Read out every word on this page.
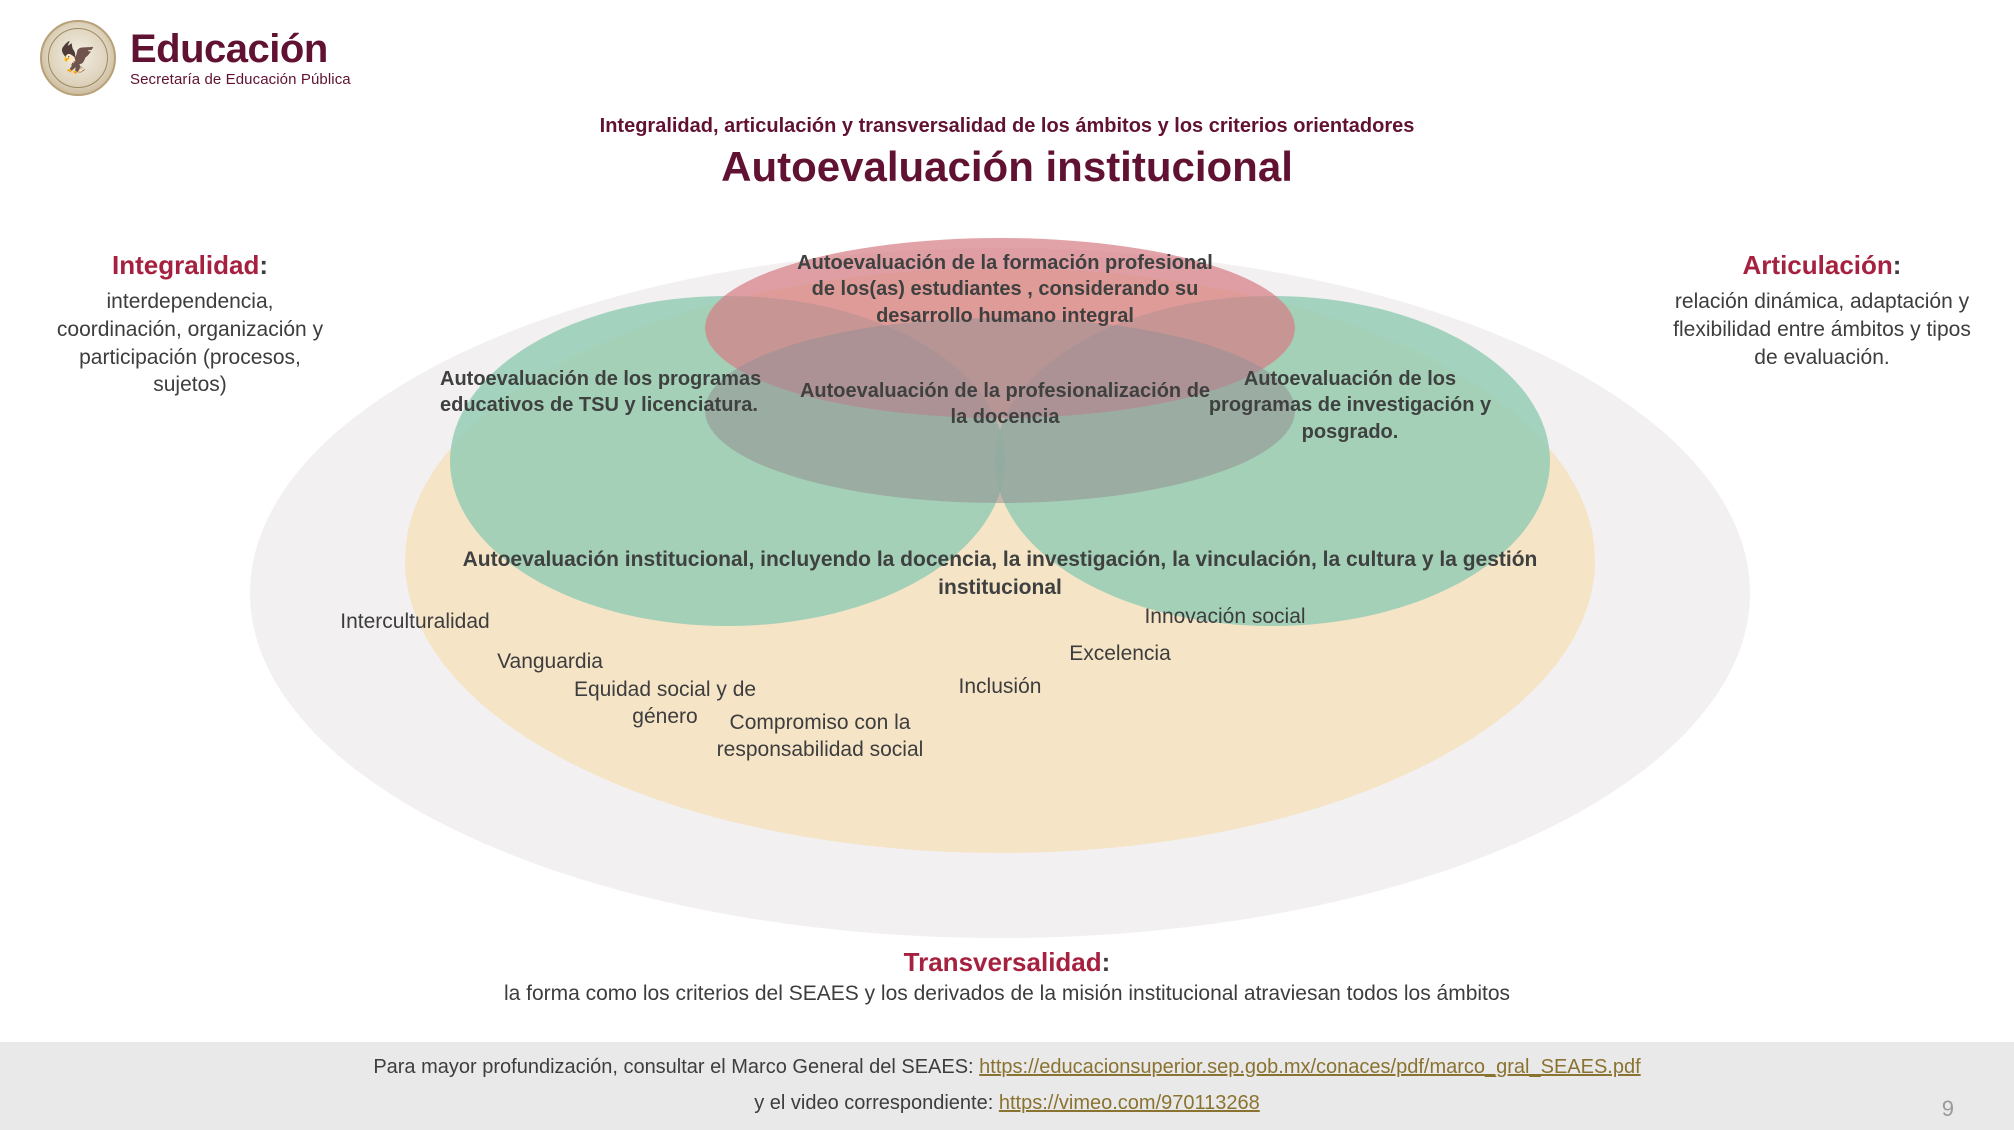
🦅 Educación
Secretaría de Educación Pública
Integralidad, articulación y transversalidad de los ámbitos y los criterios orientadores
Autoevaluación institucional
Integralidad:
interdependencia, coordinación, organización y participación (procesos, sujetos)
Articulación:
relación dinámica, adaptación y flexibilidad entre ámbitos y tipos de evaluación.
Autoevaluación de la formación profesional de los(as) estudiantes , considerando su desarrollo humano integral
Autoevaluación de la profesionalización de la docencia
Autoevaluación de los programas educativos de TSU y licenciatura.
Autoevaluación de los programas de investigación y posgrado.
Autoevaluación institucional, incluyendo la docencia, la investigación, la vinculación, la cultura y la gestión institucional
Interculturalidad
Vanguardia
Equidad social y de género	Compromiso con la responsabilidad social
Inclusión
Excelencia
Innovación social
Transversalidad:
la forma como los criterios del SEAES y los derivados de la misión institucional atraviesan todos los ámbitos
Para mayor profundización, consultar el Marco General del SEAES: https://educacionsuperior.sep.gob.mx/conaces/pdf/marco_gral_SEAES.pdf
y el video correspondiente: https://vimeo.com/970113268	9
